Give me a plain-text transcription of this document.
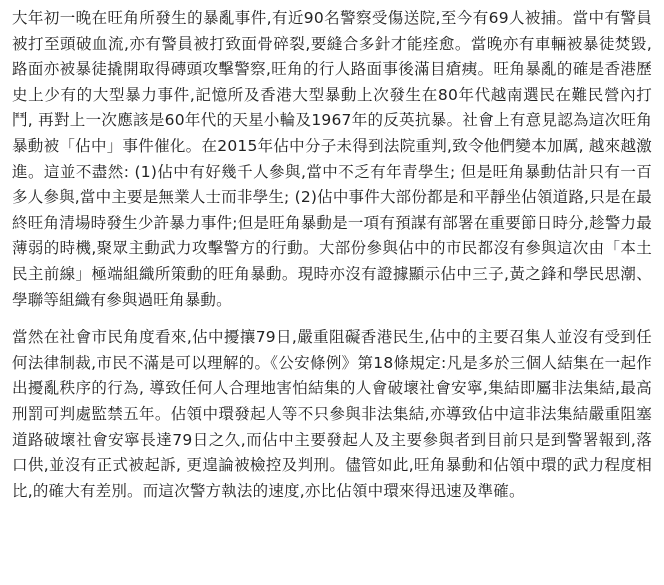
大年初一晚在旺角所發生的暴亂事件,有近90名警察受傷送院,至今有69人被捕。當中有警員被打至頭破血流,亦有警員被打致面骨碎裂,要縫合多針才能痊愈。當晚亦有車輛被暴徒焚毀,路面亦被暴徒撬開取得磚頭攻擊警察,旺角的行人路面事後滿目瘡痍。旺角暴亂的確是香港歷史上少有的大型暴力事件,記憶所及香港大型暴動上次發生在80年代越南選民在難民營內打鬥, 再對上一次應該是60年代的天星小輪及1967年的反英抗暴。社會上有意見認為這次旺角暴動被「佔中」事件催化。在2015年佔中分子未得到法院重判,致令他們變本加厲, 越來越激進。這並不盡然: (1)佔中有好幾千人參與,當中不乏有年青學生; 但是旺角暴動估計只有一百多人參與,當中主要是無業人士而非學生; (2)佔中事件大部份都是和平靜坐佔領道路,只是在最終旺角清場時發生少許暴力事件;但是旺角暴動是一項有預謀有部署在重要節日時分,趁警力最薄弱的時機,聚眾主動武力攻擊警方的行動。大部份參與佔中的市民都沒有參與這次由「本土民主前線」極端組織所策動的旺角暴動。現時亦沒有證據顯示佔中三子,黃之鋒和學民思潮、學聯等組織有參與過旺角暴動。

當然在社會市民角度看來,佔中擾攘79日,嚴重阻礙香港民生,佔中的主要召集人並沒有受到任何法律制裁,市民不滿是可以理解的。《公安條例》第18條規定:凡是多於三個人結集在一起作出擾亂秩序的行為, 導致任何人合理地害怕結集的人會破壞社會安寧,集結即屬非法集結,最高刑罰可判處監禁五年。佔領中環發起人等不只參與非法集結,亦導致佔中這非法集結嚴重阻塞道路破壞社會安寧長達79日之久,而佔中主要發起人及主要參與者到目前只是到警署報到,落口供,並沒有正式被起訴, 更遑論被檢控及判刑。儘管如此,旺角暴動和佔領中環的武力程度相比,的確大有差別。而這次警方執法的速度,亦比佔領中環來得迅速及準確。
